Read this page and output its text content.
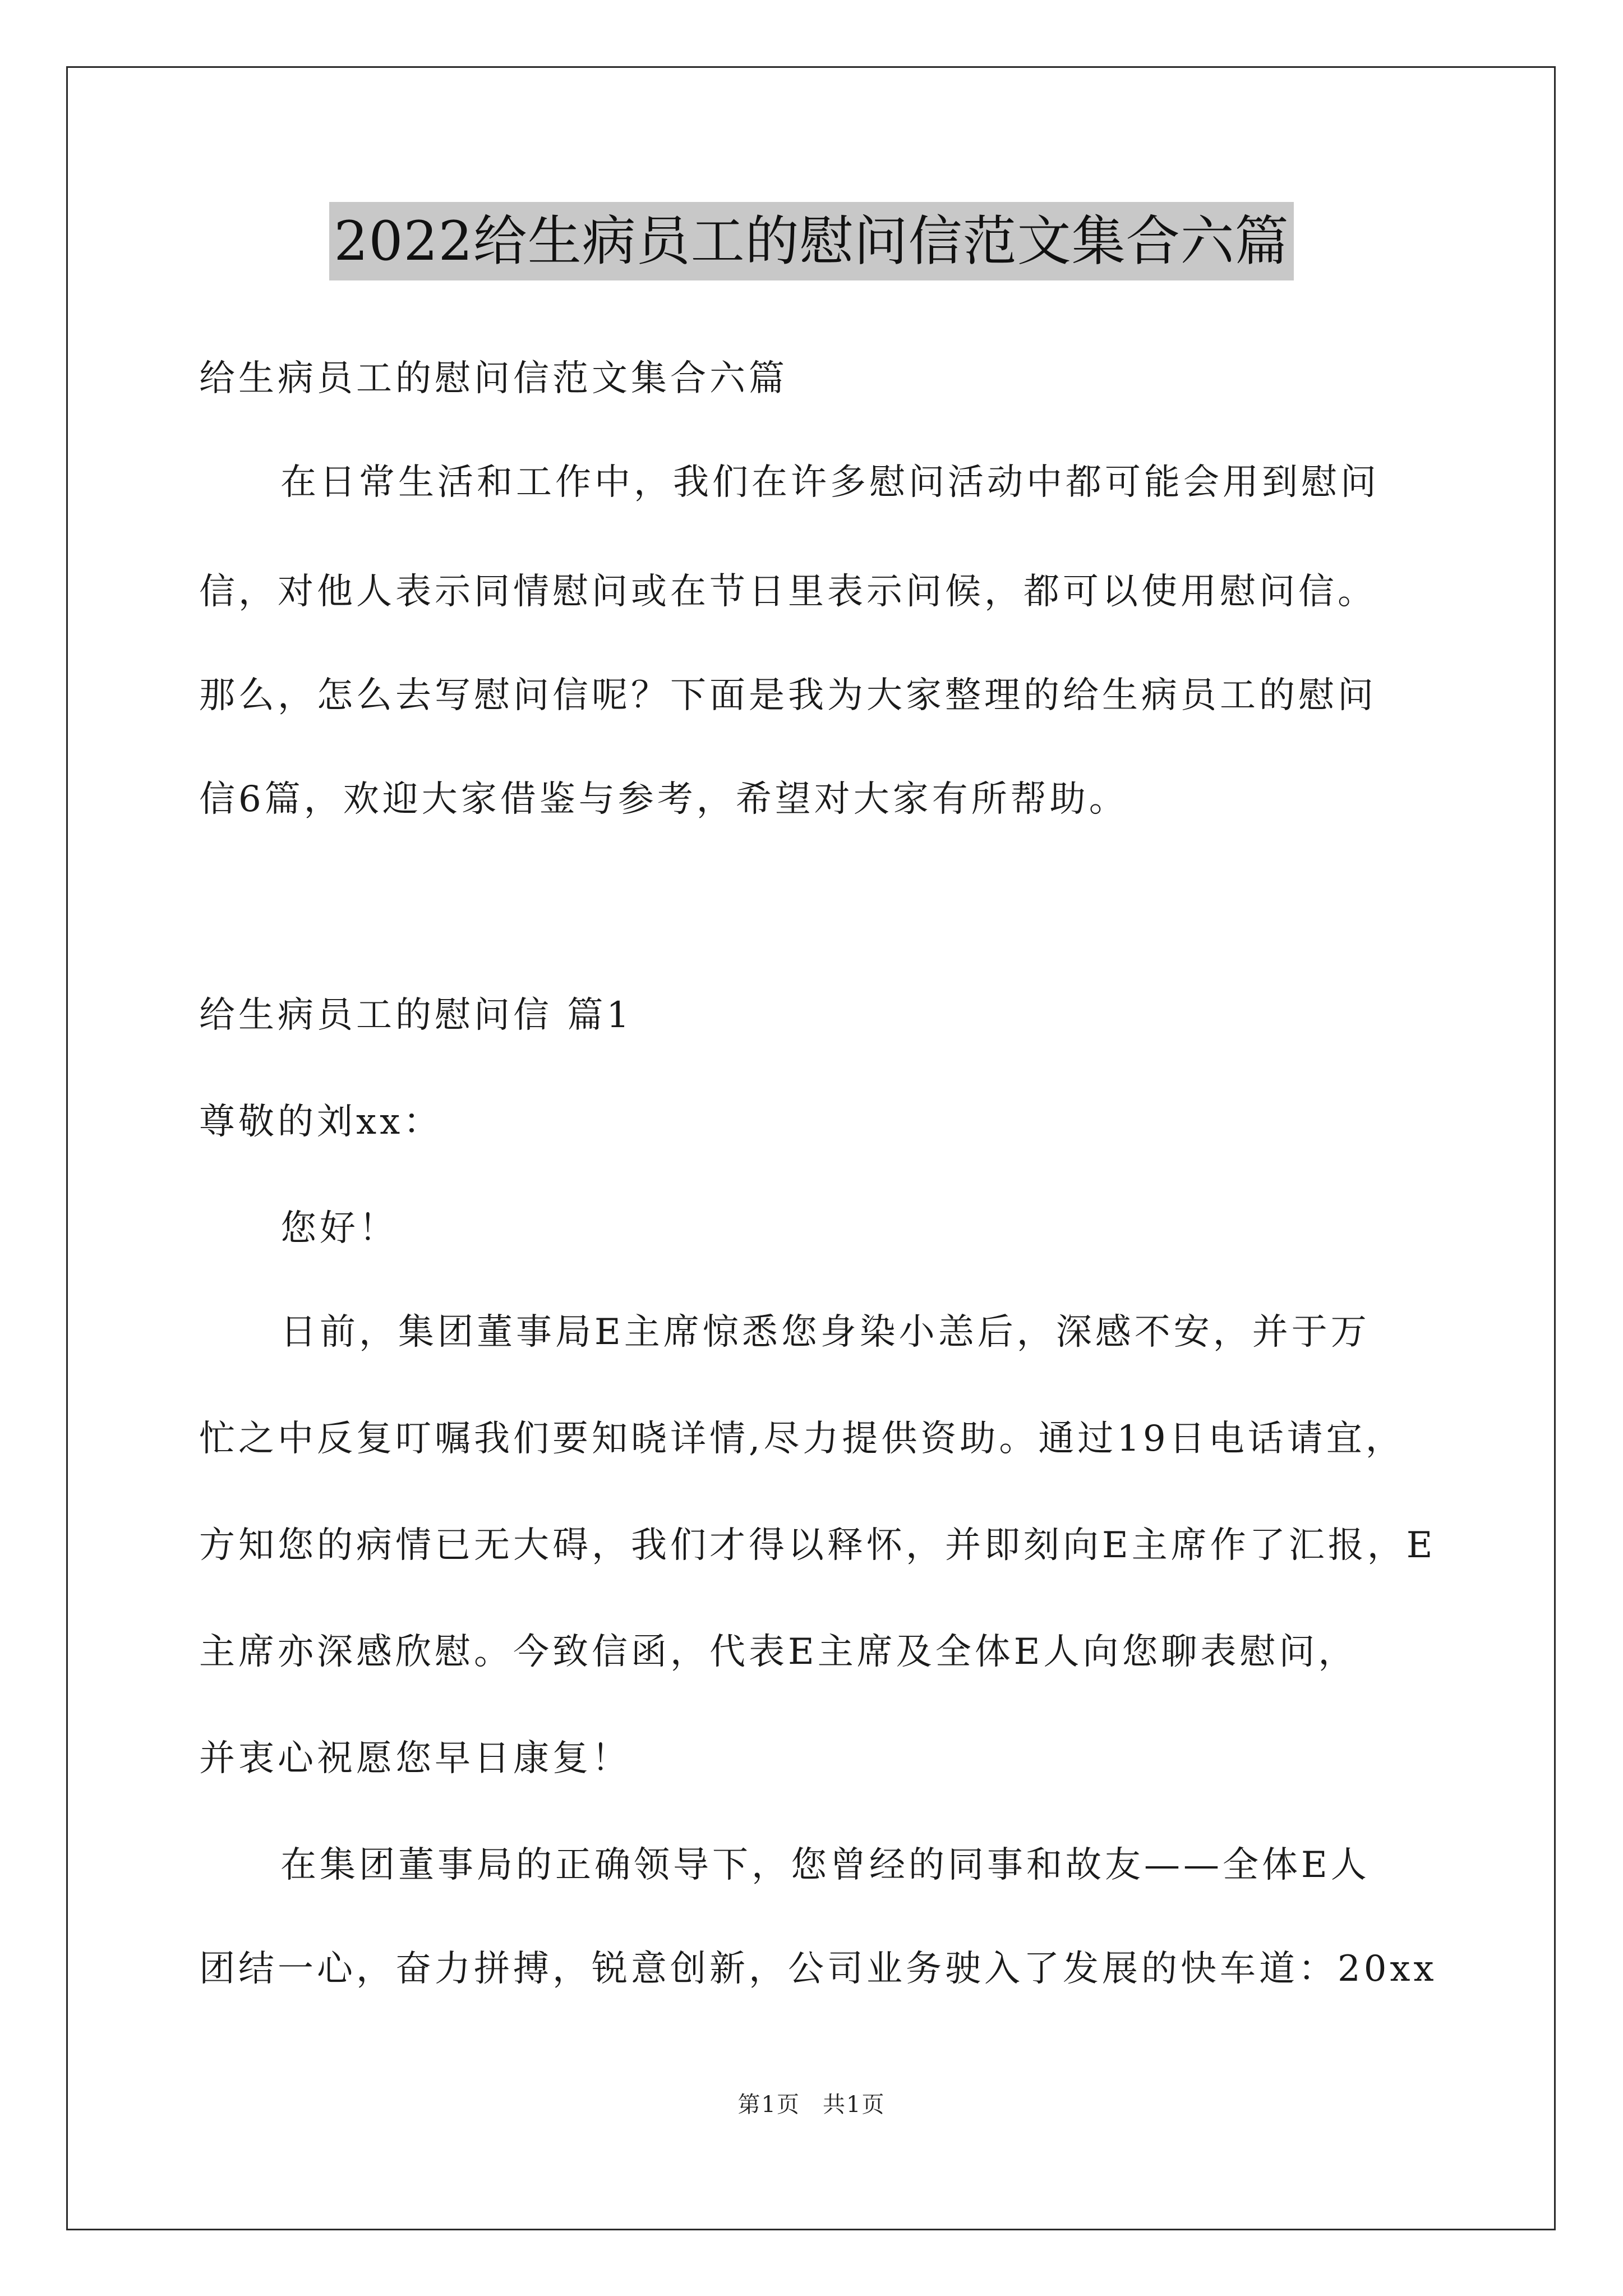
2022给生病员工的慰问信范文集合六篇
给生病员工的慰问信范文集合六篇
在日常生活和工作中，我们在许多慰问活动中都可能会用到慰问
信，对他人表示同情慰问或在节日里表示问候，都可以使用慰问信。
那么，怎么去写慰问信呢？下面是我为大家整理的给生病员工的慰问
信6篇，欢迎大家借鉴与参考，希望对大家有所帮助。
给生病员工的慰问信 篇1
尊敬的刘xx：
您好！
日前，集团董事局E主席惊悉您身染小恙后，深感不安，并于万
忙之中反复叮嘱我们要知晓详情,尽力提供资助。通过19日电话请宜，
方知您的病情已无大碍，我们才得以释怀，并即刻向E主席作了汇报，E
主席亦深感欣慰。今致信函，代表E主席及全体E人向您聊表慰问，
并衷心祝愿您早日康复！
在集团董事局的正确领导下，您曾经的同事和故友——全体E人
团结一心，奋力拼搏，锐意创新，公司业务驶入了发展的快车道：20xx
第1页 共1页
